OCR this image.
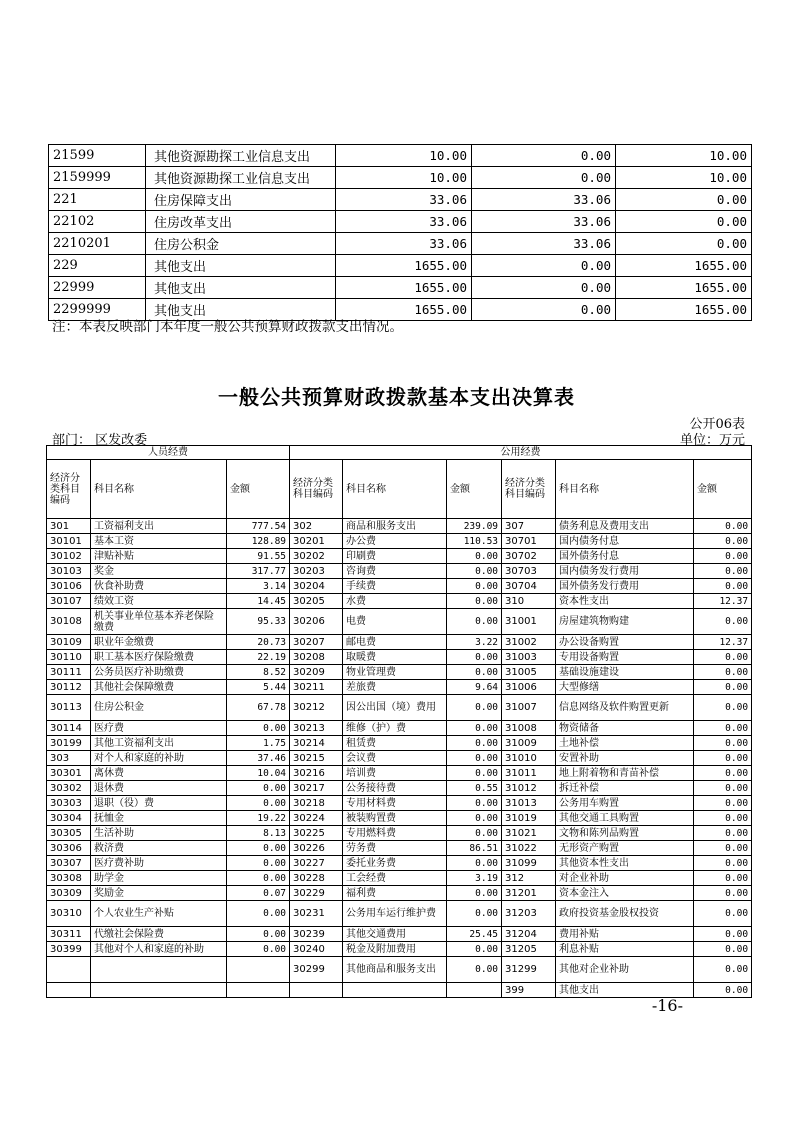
21599	其他资源勘探工业信息支出	10.00	0.00	10.00
2159999	其他资源勘探工业信息支出	10.00	0.00	10.00
221	住房保障支出	33.06	33.06	0.00
22102	住房改革支出	33.06	33.06	0.00
2210201	住房公积金	33.06	33.06	0.00
229	其他支出	1655.00	0.00	1655.00
22999	其他支出	1655.00	0.00	1655.00
2299999	其他支出	1655.00	0.00	1655.00
注：本表反映部门本年度一般公共预算财政拨款支出情况。
一般公共预算财政拨款基本支出决算表
公开06表
部门： 区发改委	单位：万元
人员经费			公用经费					
经济分类科目编码	科目名称	金额	经济分类科目编码	科目名称	金额	经济分类科目编码	科目名称	金额
301	工资福利支出	777.54	302	商品和服务支出	239.09	307	债务利息及费用支出	0.00
30101	基本工资	128.89	30201	办公费	110.53	30701	国内债务付息	0.00
30102	津贴补贴	91.55	30202	印刷费	0.00	30702	国外债务付息	0.00
30103	奖金	317.77	30203	咨询费	0.00	30703	国内债务发行费用	0.00
30106	伙食补助费	3.14	30204	手续费	0.00	30704	国外债务发行费用	0.00
30107	绩效工资	14.45	30205	水费	0.00	310	资本性支出	12.37
30108	机关事业单位基本养老保险缴费	95.33	30206	电费	0.00	31001	房屋建筑物购建	0.00
30109	职业年金缴费	20.73	30207	邮电费	3.22	31002	办公设备购置	12.37
30110	职工基本医疗保险缴费	22.19	30208	取暖费	0.00	31003	专用设备购置	0.00
30111	公务员医疗补助缴费	8.52	30209	物业管理费	0.00	31005	基础设施建设	0.00
30112	其他社会保障缴费	5.44	30211	差旅费	9.64	31006	大型修缮	0.00
30113	住房公积金	67.78	30212	因公出国（境）费用	0.00	31007	信息网络及软件购置更新	0.00
30114	医疗费	0.00	30213	维修（护）费	0.00	31008	物资储备	0.00
30199	其他工资福利支出	1.75	30214	租赁费	0.00	31009	土地补偿	0.00
303	对个人和家庭的补助	37.46	30215	会议费	0.00	31010	安置补助	0.00
30301	离休费	10.04	30216	培训费	0.00	31011	地上附着物和青苗补偿	0.00
30302	退休费	0.00	30217	公务接待费	0.55	31012	拆迁补偿	0.00
30303	退职（役）费	0.00	30218	专用材料费	0.00	31013	公务用车购置	0.00
30304	抚恤金	19.22	30224	被装购置费	0.00	31019	其他交通工具购置	0.00
30305	生活补助	8.13	30225	专用燃料费	0.00	31021	文物和陈列品购置	0.00
30306	救济费	0.00	30226	劳务费	86.51	31022	无形资产购置	0.00
30307	医疗费补助	0.00	30227	委托业务费	0.00	31099	其他资本性支出	0.00
30308	助学金	0.00	30228	工会经费	3.19	312	对企业补助	0.00
30309	奖励金	0.07	30229	福利费	0.00	31201	资本金注入	0.00
30310	个人农业生产补贴	0.00	30231	公务用车运行维护费	0.00	31203	政府投资基金股权投资	0.00
30311	代缴社会保险费	0.00	30239	其他交通费用	25.45	31204	费用补贴	0.00
30399	其他对个人和家庭的补助	0.00	30240	税金及附加费用	0.00	31205	利息补贴	0.00
			30299	其他商品和服务支出	0.00	31299	其他对企业补助	0.00
						399	其他支出	0.00
-16-
